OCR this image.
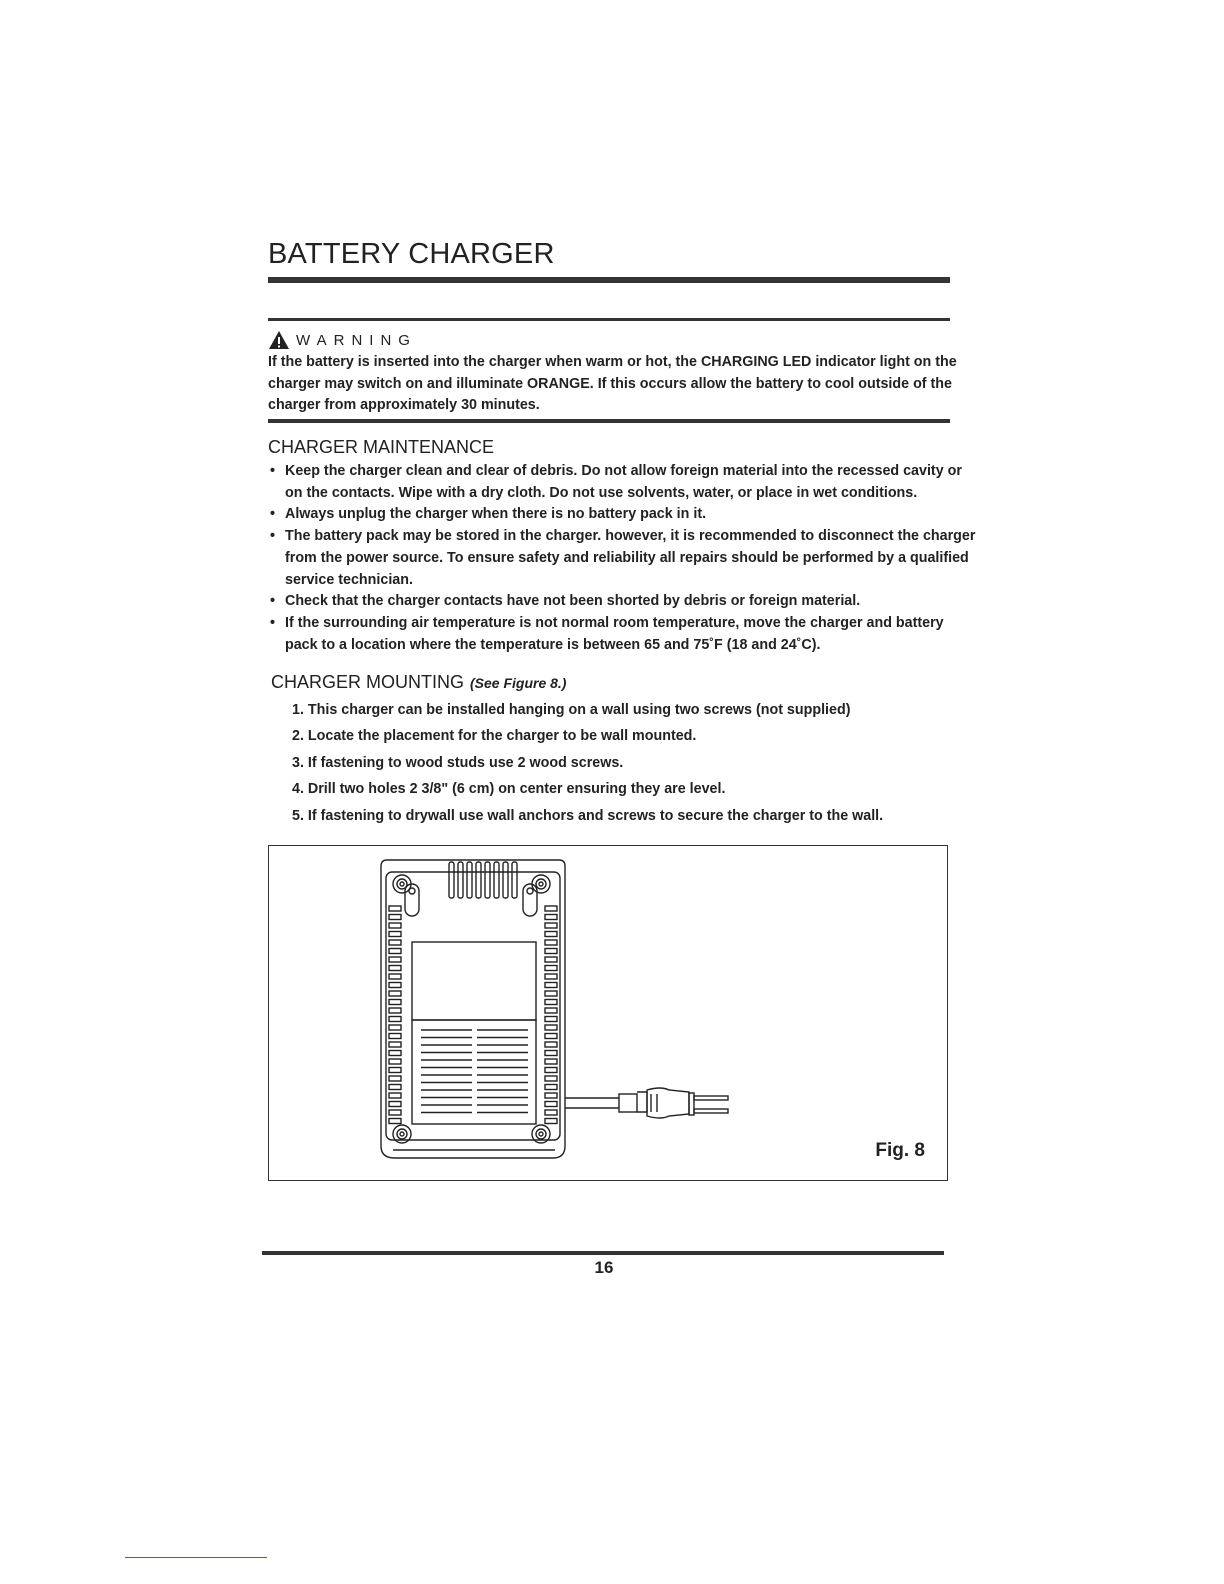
BATTERY CHARGER
WARNING
If the battery is inserted into the charger when warm or hot, the CHARGING LED indicator light on the charger may switch on and illuminate ORANGE. If this occurs allow the battery to cool outside of the charger from approximately 30 minutes.
CHARGER MAINTENANCE
• Keep the charger clean and clear of debris. Do not allow foreign material into the recessed cavity or on the contacts. Wipe with a dry cloth. Do not use solvents, water, or place in wet conditions.
• Always unplug the charger when there is no battery pack in it.
• The battery pack may be stored in the charger. however, it is recommended to disconnect the charger from the power source. To ensure safety and reliability all repairs should be performed by a qualified service technician.
• Check that the charger contacts have not been shorted by debris or foreign material.
• If the surrounding air temperature is not normal room temperature, move the charger and battery pack to a location where the temperature is between 65 and 75˚F (18 and 24˚C).
CHARGER MOUNTING (See Figure 8.)
1. This charger can be installed hanging on a wall using two screws (not supplied)
2. Locate the placement for the charger to be wall mounted.
3. If fastening to wood studs use 2 wood screws.
4. Drill two holes 2 3/8" (6 cm) on center ensuring they are level.
5. If fastening to drywall use wall anchors and screws to secure the charger to the wall.
Fig. 8
16
